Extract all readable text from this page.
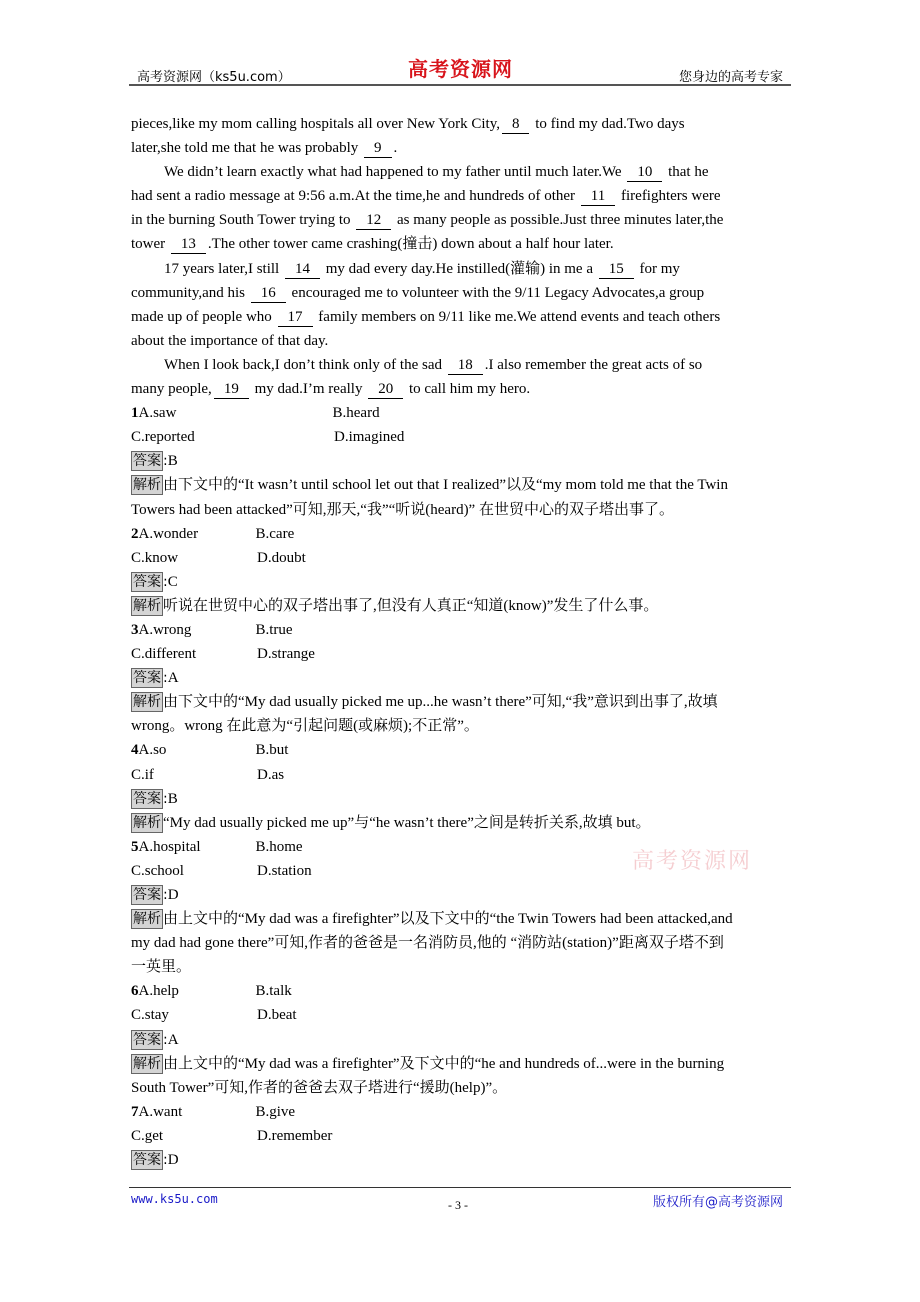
高考资源网（ks5u.com）	高考资源网	您身边的高考专家
pieces,like my mom calling hospitals all over New York City, 8 to find my dad.Two days
later,she told me that he was probably 9 .
We didn’t learn exactly what had happened to my father until much later.We 10 that he
had sent a radio message at 9:56 a.m.At the time,he and hundreds of other 11 firefighters were
in the burning South Tower trying to 12 as many people as possible.Just three minutes later,the
tower 13 .The other tower came crashing(撞击) down about a half hour later.
17 years later,I still 14 my dad every day.He instilled(灌输) in me a 15 for my
community,and his 16 encouraged me to volunteer with the 9/11 Legacy Advocates,a group
made up of people who 17 family members on 9/11 like me.We attend events and teach others
about the importance of that day.
When I look back,I don’t think only of the sad 18 .I also remember the great acts of so
many people, 19 my dad.I’m really 20 to call him my hero.
1A.saw	B.heard
C.reported	D.imagined
答案 :B
解析 由下文中的“It wasn’t until school let out that I realized”以及“my mom told me that the Twin
Towers had been attacked”可知,那天,“我”“听说(heard)” 在世贸中心的双子塔出事了。
2A.wonder	B.care
C.know	D.doubt
答案 :C
解析 听说在世贸中心的双子塔出事了,但没有人真正“知道(know)”发生了什么事。
3A.wrong	B.true
C.different	D.strange
答案 :A
解析 由下文中的“My dad usually picked me up...he wasn’t there”可知,“我”意识到出事了,故填
wrong。wrong 在此意为“引起问题(或麻烦);不正常”。
4A.so	B.but
C.if	D.as
答案 :B
解析 “My dad usually picked me up”与“he wasn’t there”之间是转折关系,故填 but。
5A.hospital	B.home
C.school	D.station
答案 :D
解析 由上文中的“My dad was a firefighter”以及下文中的“the Twin Towers had been attacked,and
my dad had gone there”可知,作者的爸爸是一名消防员,他的 “消防站(station)”距离双子塔不到
一英里。
6A.help	B.talk
C.stay	D.beat
答案 :A
解析 由上文中的“My dad was a firefighter”及下文中的“he and hundreds of...were in the burning
South Tower”可知,作者的爸爸去双子塔进行“援助(help)”。
7A.want	B.give
C.get	D.remember
答案 :D
高考资源网
www.ks5u.com	- 3 -	版权所有@高考资源网
